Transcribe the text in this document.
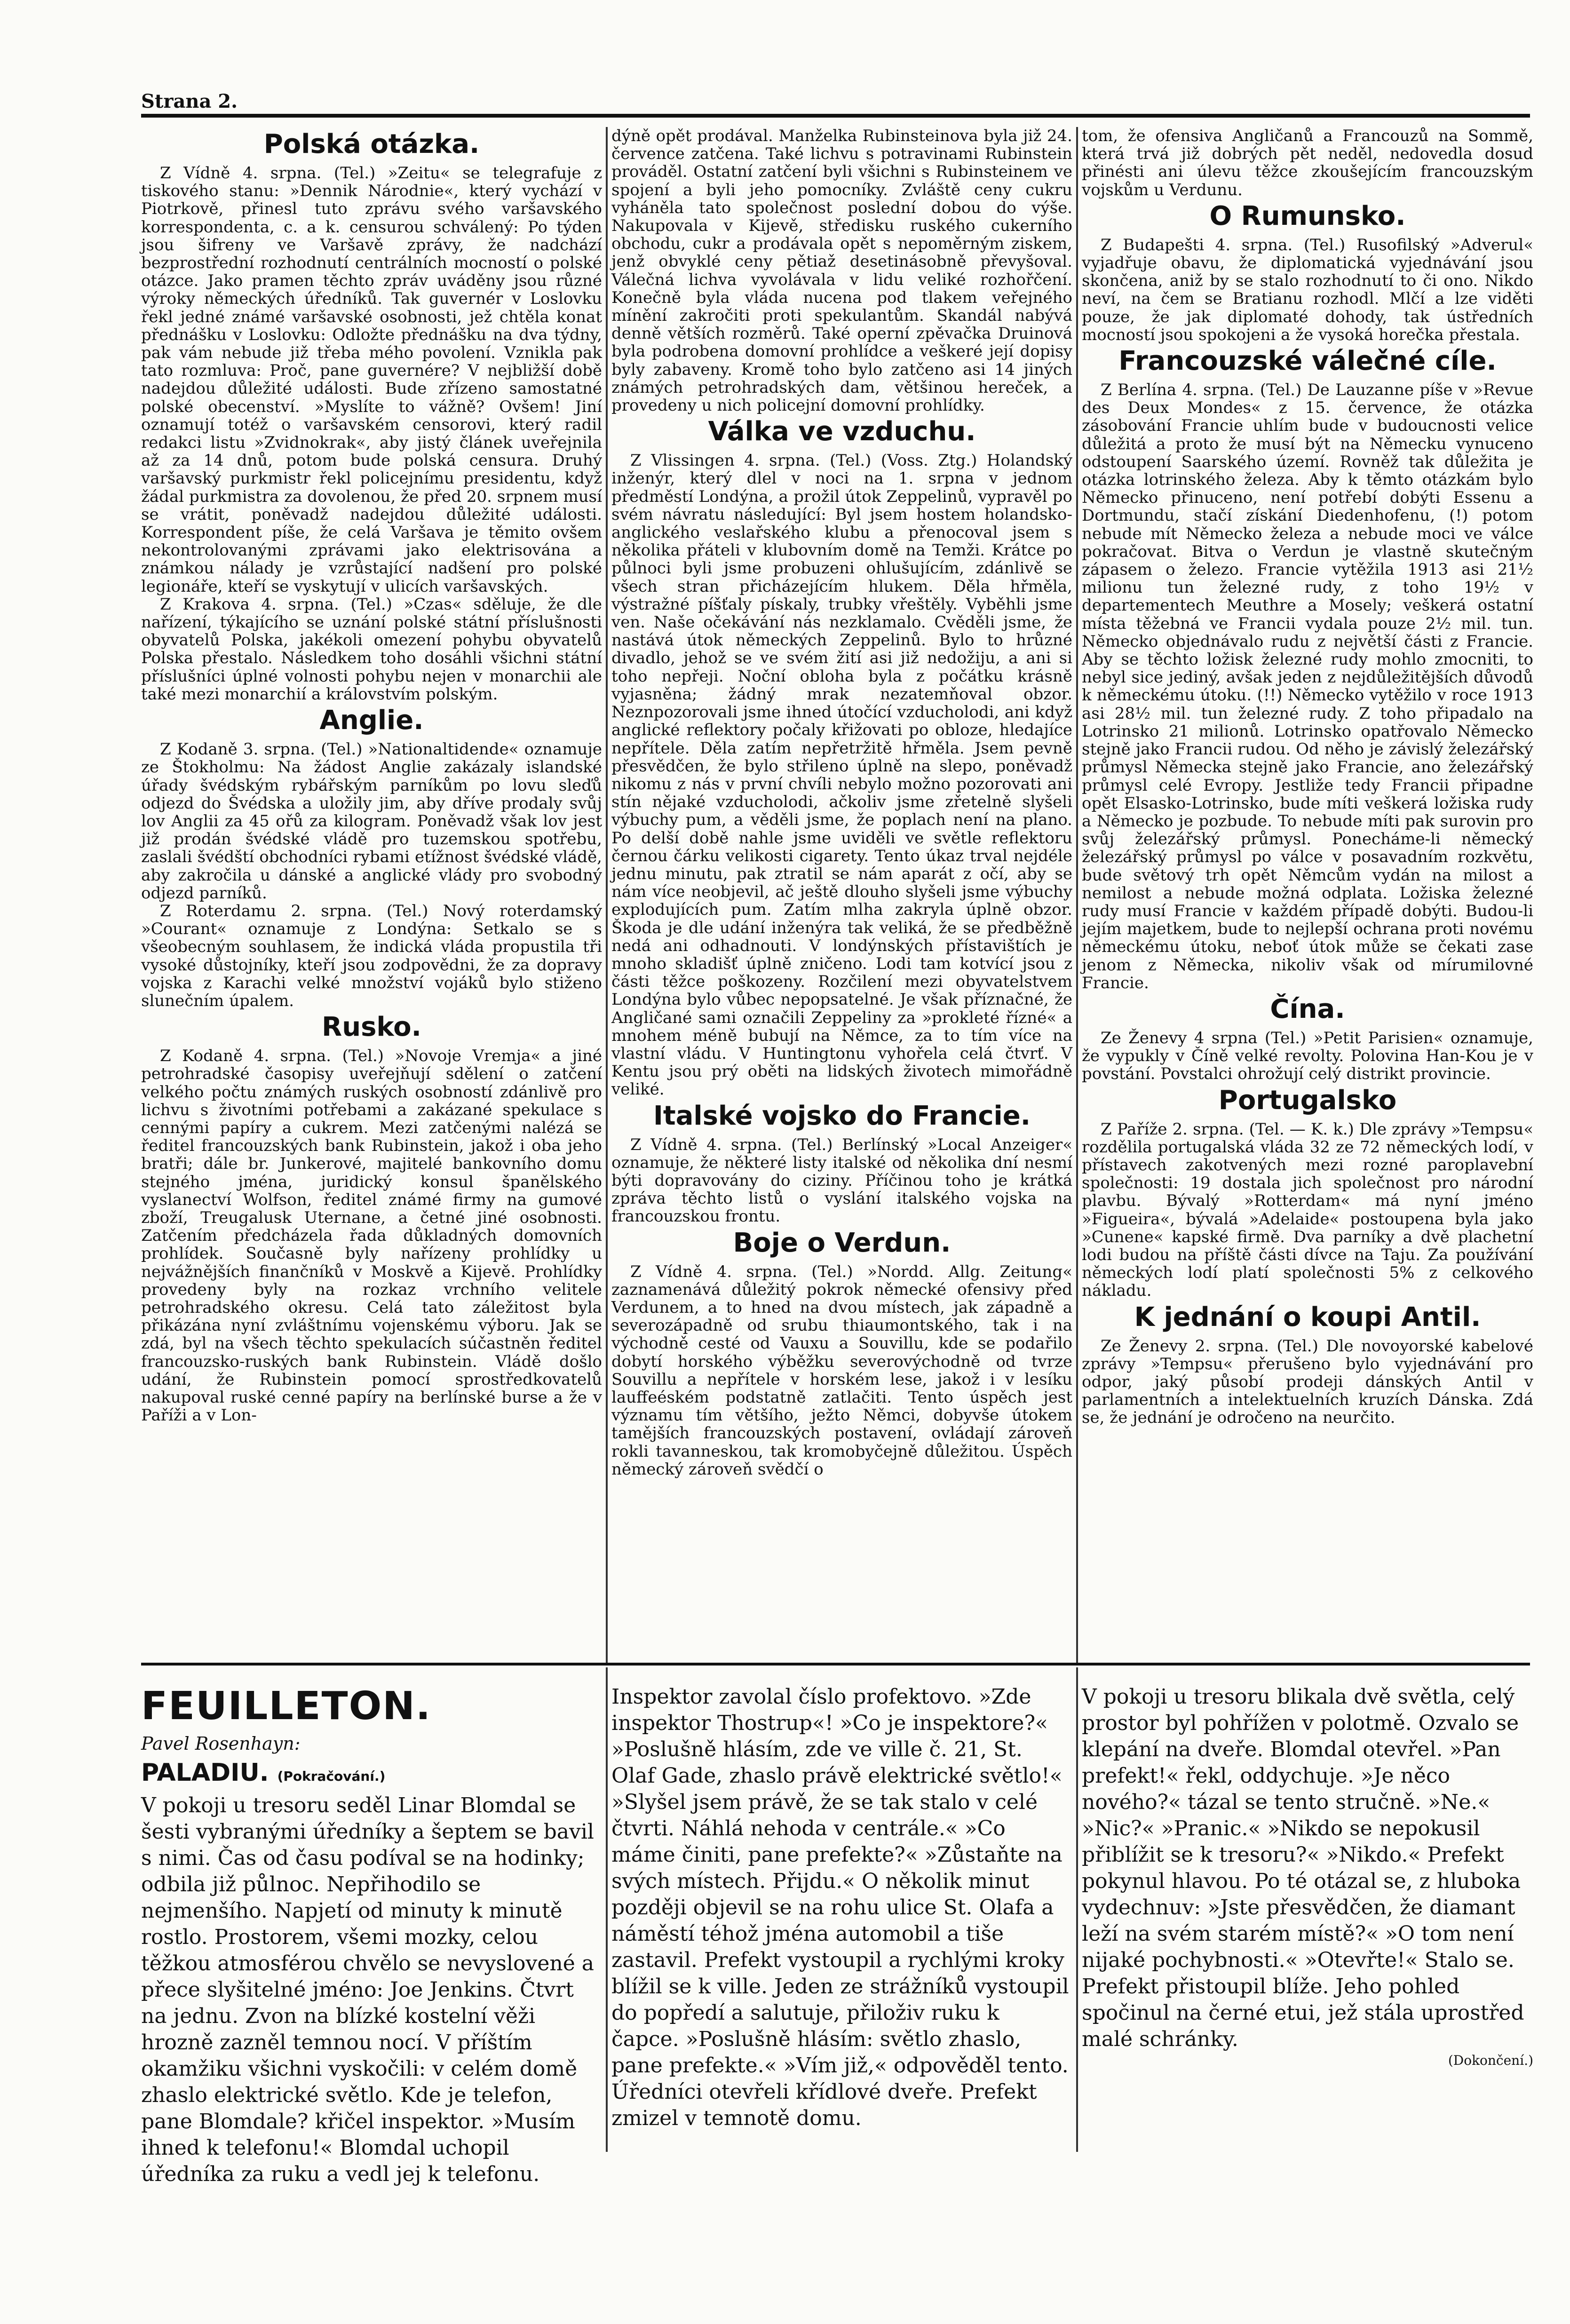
Strana 2.
Polská otázka.

Z Vídně 4. srpna. (Tel.) »Zeitu« se telegrafuje z tiskového stanu: »Dennik Národnie«, který vychází v Piotrkově, přinesl tuto zprávu svého varšavského korrespondenta, c. a k. censurou schválený: Po týden jsou šifreny ve Varšavě zprávy, že nadchází bezprostřední rozhodnutí centrálních mocností o polské otázce. Jako pramen těchto zpráv uváděny jsou různé výroky německých úředníků. Tak guvernér v Loslovku řekl jedné známé varšavské osobnosti, jež chtěla konat přednášku v Loslovku: Odložte přednášku na dva týdny, pak vám nebude již třeba mého povolení. Vznikla pak tato rozmluva: Proč, pane guvernére? V nejbližší době nadejdou důležité události. Bude zřízeno samostatné polské obecenství. »Myslíte to vážně? Ovšem! Jiní oznamují totéž o varšavském censorovi, který radil redakci listu »Zvidnokrak«, aby jistý článek uveřejnila až za 14 dnů, potom bude polská censura. Druhý varšavský purkmistr řekl policejnímu presidentu, když žádal purkmistra za dovolenou, že před 20. srpnem musí se vrátit, poněvadž nadejdou důležité události. Korrespondent píše, že celá Varšava je těmito ovšem nekontrolovanými zprávami jako elektrisována a známkou nálady je vzrůstající nadšení pro polské legionáře, kteří se vyskytují v ulicích varšavských.

Z Krakova 4. srpna. (Tel.) »Czas« sděluje, že dle nařízení, týkajícího se uznání polské státní příslušnosti obyvatelů Polska, jakékoli omezení pohybu obyvatelů Polska přestalo. Následkem toho dosáhli všichni státní příslušníci úplné volnosti pohybu nejen v monarchii ale také mezi monarchií a královstvím polským.

Anglie.

Z Kodaně 3. srpna. (Tel.) »Nationaltidende« oznamuje ze Štokholmu: Na žádost Anglie zakázaly islandské úřady švédským rybářským parníkům po lovu sleďů odjezd do Švédska a uložily jim, aby dříve prodaly svůj lov Anglii za 45 ořů za kilogram. Poněvadž však lov jest již prodán švédské vládě pro tuzemskou spotřebu, zaslali švédští obchodníci rybami etížnost švédské vládě, aby zakročila u dánské a anglické vlády pro svobodný odjezd parníků.

Z Roterdamu 2. srpna. (Tel.) Nový roterdamský »Courant« oznamuje z Londýna: Setkalo se s všeobecným souhlasem, že indická vláda propustila tři vysoké důstojníky, kteří jsou zodpovědni, že za dopravy vojska z Karachi velké množství vojáků bylo stiženo slunečním úpalem.

Rusko.

Z Kodaně 4. srpna. (Tel.) »Novoje Vremja« a jiné petrohradské časopisy uveřejňují sdělení o zatčení velkého počtu známých ruských osobností zdánlivě pro lichvu s životními potřebami a zakázané spekulace s cennými papíry a cukrem. Mezi zatčenými nalézá se ředitel francouzských bank Rubinstein, jakož i oba jeho bratři; dále br. Junkerové, majitelé bankovního domu stejného jména, juridický konsul španělského vyslanectví Wolfson, ředitel známé firmy na gumové zboží, Treugalusk Uternane, a četné jiné osobnosti. Zatčením předcházela řada důkladných domovních prohlídek. Současně byly nařízeny prohlídky u nejvážnějších finančníků v Moskvě a Kijevě. Prohlídky provedeny byly na rozkaz vrchního velitele petrohradského okresu. Celá tato záležitost byla přikázána nyní zvláštnímu vojenskému výboru. Jak se zdá, byl na všech těchto spekulacích súčastněn ředitel francouzsko-ruských bank Rubinstein. Vládě došlo udání, že Rubinstein pomocí sprostředkovatelů nakupoval ruské cenné papíry na berlínské burse a že v Paříži a v Lon-

dýně opět prodával. Manželka Rubinsteinova byla již 24. července zatčena. Také lichvu s potravinami Rubinstein prováděl. Ostatní zatčení byli všichni s Rubinsteinem ve spojení a byli jeho pomocníky. Zvláště ceny cukru vyháněla tato společnost poslední dobou do výše. Nakupovala v Kijevě, středisku ruského cukerního obchodu, cukr a prodávala opět s nepoměrným ziskem, jenž obvyklé ceny pětiaž desetinásobně převyšoval. Válečná lichva vyvolávala v lidu veliké rozhořčení. Konečně byla vláda nucena pod tlakem veřejného mínění zakročiti proti spekulantům. Skandál nabývá denně větších rozměrů. Také operní zpěvačka Druinová byla podrobena domovní prohlídce a veškeré její dopisy byly zabaveny. Kromě toho bylo zatčeno asi 14 jiných známých petrohradských dam, většinou hereček, a provedeny u nich policejní domovní prohlídky.

Válka ve vzduchu.

Z Vlissingen 4. srpna. (Tel.) (Voss. Ztg.) Holandský inženýr, který dlel v noci na 1. srpna v jednom předměstí Londýna, a prožil útok Zeppelinů, vypravěl po svém návratu následující: Byl jsem hostem holandsko-anglického veslařského klubu a přenocoval jsem s několika přáteli v klubovním domě na Temži. Krátce po půlnoci byli jsme probuzeni ohlušujícím, zdánlivě se všech stran přicházejícím hlukem. Děla hřměla, výstražné píšťaly pískaly, trubky vřeštěly. Vyběhli jsme ven. Naše očekávání nás nezklamalo. Cvěděli jsme, že nastává útok německých Zeppelinů. Bylo to hrůzné divadlo, jehož se ve svém žití asi již nedožiju, a ani si toho nepřeji. Noční obloha byla z počátku krásně vyjasněna; žádný mrak nezatemňoval obzor. Neznpozorovali jsme ihned útočící vzducholodi, ani když anglické reflektory počaly křižovati po obloze, hledajíce nepřítele. Děla zatím nepřetržitě hřměla. Jsem pevně přesvědčen, že bylo střileno úplně na slepo, poněvadž nikomu z nás v první chvíli nebylo možno pozorovati ani stín nějaké vzducholodi, ačkoliv jsme zřetelně slyšeli výbuchy pum, a věděli jsme, že poplach není na plano. Po delší době nahle jsme uviděli ve světle reflektoru černou čárku velikosti cigarety. Tento úkaz trval nejdéle jednu minutu, pak ztratil se nám aparát z očí, aby se nám více neobjevil, ač ještě dlouho slyšeli jsme výbuchy explodujících pum. Zatím mlha zakryla úplně obzor. Škoda je dle udání inženýra tak veliká, že se předběžně nedá ani odhadnouti. V londýnských přístavištích je mnoho skladišť úplně zničeno. Lodi tam kotvící jsou z části těžce poškozeny. Rozčilení mezi obyvatelstvem Londýna bylo vůbec nepopsatelné. Je však příznačné, že Angličané sami označili Zeppeliny za »prokleté řízné« a mnohem méně bubují na Němce, za to tím více na vlastní vládu. V Huntingtonu vyhořela celá čtvrť. V Kentu jsou prý oběti na lidských životech mimořádně veliké.

Italské vojsko do Francie.

Z Vídně 4. srpna. (Tel.) Berlínský »Local Anzeiger« oznamuje, že některé listy italské od několika dní nesmí býti dopravovány do ciziny. Příčinou toho je krátká zpráva těchto listů o vyslání italského vojska na francouzskou frontu.

Boje o Verdun.

Z Vídně 4. srpna. (Tel.) »Nordd. Allg. Zeitung« zaznamenává důležitý pokrok německé ofensivy před Verdunem, a to hned na dvou místech, jak západně a severozápadně od srubu thiaumontského, tak i na východně cesté od Vauxu a Souvillu, kde se podařilo dobytí horského výběžku severovýchodně od tvrze Souvillu a nepřítele v horském lese, jakož i v lesíku lauffeéském podstatně zatlačiti. Tento úspěch jest významu tím většího, ježto Němci, dobyvše útokem tamějších francouzských postavení, ovládají zároveň rokli tavanneskou, tak kromobyčejně důležitou. Úspěch německý zároveň svědčí o

tom, že ofensiva Angličanů a Francouzů na Sommě, která trvá již dobrých pět neděl, nedovedla dosud přinésti ani úlevu těžce zkoušejícím francouzským vojskům u Verdunu.

O Rumunsko.

Z Budapešti 4. srpna. (Tel.) Rusofilský »Adverul« vyjadřuje obavu, že diplomatická vyjednávání jsou skončena, aniž by se stalo rozhodnutí to či ono. Nikdo neví, na čem se Bratianu rozhodl. Mlčí a lze viděti pouze, že jak diplomaté dohody, tak ústředních mocností jsou spokojeni a že vysoká horečka přestala.

Francouzské válečné cíle.

Z Berlína 4. srpna. (Tel.) De Lauzanne píše v »Revue des Deux Mondes« z 15. července, že otázka zásobování Francie uhlím bude v budoucnosti velice důležitá a proto že musí být na Německu vynuceno odstoupení Saarského území. Rovněž tak důležita je otázka lotrinského železa. Aby k těmto otázkám bylo Německo přinuceno, není potřebí dobýti Essenu a Dortmundu, stačí získání Diedenhofenu, (!) potom nebude mít Německo železa a nebude moci ve válce pokračovat. Bitva o Verdun je vlastně skutečným zápasem o železo. Francie vytěžila 1913 asi 21½ milionu tun železné rudy, z toho 19½ v departementech Meuthre a Mosely; veškerá ostatní místa těžebná ve Francii vydala pouze 2½ mil. tun. Německo objednávalo rudu z největší části z Francie. Aby se těchto ložisk železné rudy mohlo zmocniti, to nebyl sice jediný, avšak jeden z nejdůležitějších důvodů k německému útoku. (!!) Německo vytěžilo v roce 1913 asi 28½ mil. tun železné rudy. Z toho připadalo na Lotrinsko 21 milionů. Lotrinsko opatřovalo Německo stejně jako Francii rudou. Od něho je závislý železářský průmysl Německa stejně jako Francie, ano železářský průmysl celé Evropy. Jestliže tedy Francii připadne opět Elsasko-Lotrinsko, bude míti veškerá ložiska rudy a Německo je pozbude. To nebude míti pak surovin pro svůj železářský průmysl. Ponecháme-li německý železářský průmysl po válce v posavadním rozkvětu, bude světový trh opět Němcům vydán na milost a nemilost a nebude možná odplata. Ložiska železné rudy musí Francie v každém případě dobýti. Budou-li jejím majetkem, bude to nejlepší ochrana proti novému německému útoku, neboť útok může se čekati zase jenom z Německa, nikoliv však od mírumilovné Francie.

Čína.

Ze Ženevy 4 srpna (Tel.) »Petit Parisien« oznamuje, že vypukly v Číně velké revolty. Polovina Han-Kou je v povstání. Povstalci ohrožují celý distrikt provincie.

Portugalsko

Z Paříže 2. srpna. (Tel. — K. k.) Dle zprávy »Tempsu« rozdělila portugalská vláda 32 ze 72 německých lodí, v přístavech zakotvených mezi rozné paroplavební společnosti: 19 dostala jich společnost pro národní plavbu. Bývalý »Rotterdam« má nyní jméno »Figueira«, bývalá »Adelaide« postoupena byla jako »Cunene« kapské firmě. Dva parníky a dvě plachetní lodi budou na příště části dívce na Taju. Za používání německých lodí platí společnosti 5% z celkového nákladu.

K jednání o koupi Antil.

Ze Ženevy 2. srpna. (Tel.) Dle novoyorské kabelové zprávy »Tempsu« přerušeno bylo vyjednávání pro odpor, jaký působí prodeji dánských Antil v parlamentních a intelektuelních kruzích Dánska. Zdá se, že jednání je odročeno na neurčito.

FEUILLETON.
Pavel Rosenhayn:
PALADIU. (Pokračování.)

V pokoji u tresoru seděl Linar Blomdal se šesti vybranými úředníky a šeptem se bavil s nimi. Čas od času podíval se na hodinky; odbila již půlnoc. Nepřihodilo se nejmenšího. Napjetí od minuty k minutě rostlo. Prostorem, všemi mozky, celou těžkou atmosférou chvělo se nevyslovené a přece slyšitelné jméno: Joe Jenkins. Čtvrt na jednu. Zvon na blízké kostelní věži hrozně zazněl temnou nocí. V příštím okamžiku všichni vyskočili: v celém domě zhaslo elektrické světlo. Kde je telefon, pane Blomdale? křičel inspektor. »Musím ihned k telefonu!« Blomdal uchopil úředníka za ruku a vedl jej k telefonu.

Inspektor zavolal číslo profektovo. »Zde inspektor Thostrup«! »Co je inspektore?« »Poslušně hlásím, zde ve ville č. 21, St. Olaf Gade, zhaslo právě elektrické světlo!« »Slyšel jsem právě, že se tak stalo v celé čtvrti. Náhlá nehoda v centrále.« »Co máme činiti, pane prefekte?« »Zůstaňte na svých místech. Přijdu.« O několik minut později objevil se na rohu ulice St. Olafa a náměstí téhož jména automobil a tiše zastavil. Prefekt vystoupil a rychlými kroky blížil se k ville. Jeden ze strážníků vystoupil do popředí a salutuje, přiloživ ruku k čapce. »Poslušně hlásím: světlo zhaslo, pane prefekte.« »Vím již,« odpověděl tento. Úředníci otevřeli křídlové dveře. Prefekt zmizel v temnotě domu.

V pokoji u tresoru blikala dvě světla, celý prostor byl pohřížen v polotmě. Ozvalo se klepání na dveře. Blomdal otevřel. »Pan prefekt!« řekl, oddychuje. »Je něco nového?« tázal se tento stručně. »Ne.« »Nic?« »Pranic.« »Nikdo se nepokusil přiblížit se k tresoru?« »Nikdo.« Prefekt pokynul hlavou. Po té otázal se, z hluboka vydechnuv: »Jste přesvědčen, že diamant leží na svém starém místě?« »O tom není nijaké pochybnosti.« »Otevřte!« Stalo se. Prefekt přistoupil blíže. Jeho pohled spočinul na černé etui, jež stála uprostřed malé schránky.

(Dokončení.)
